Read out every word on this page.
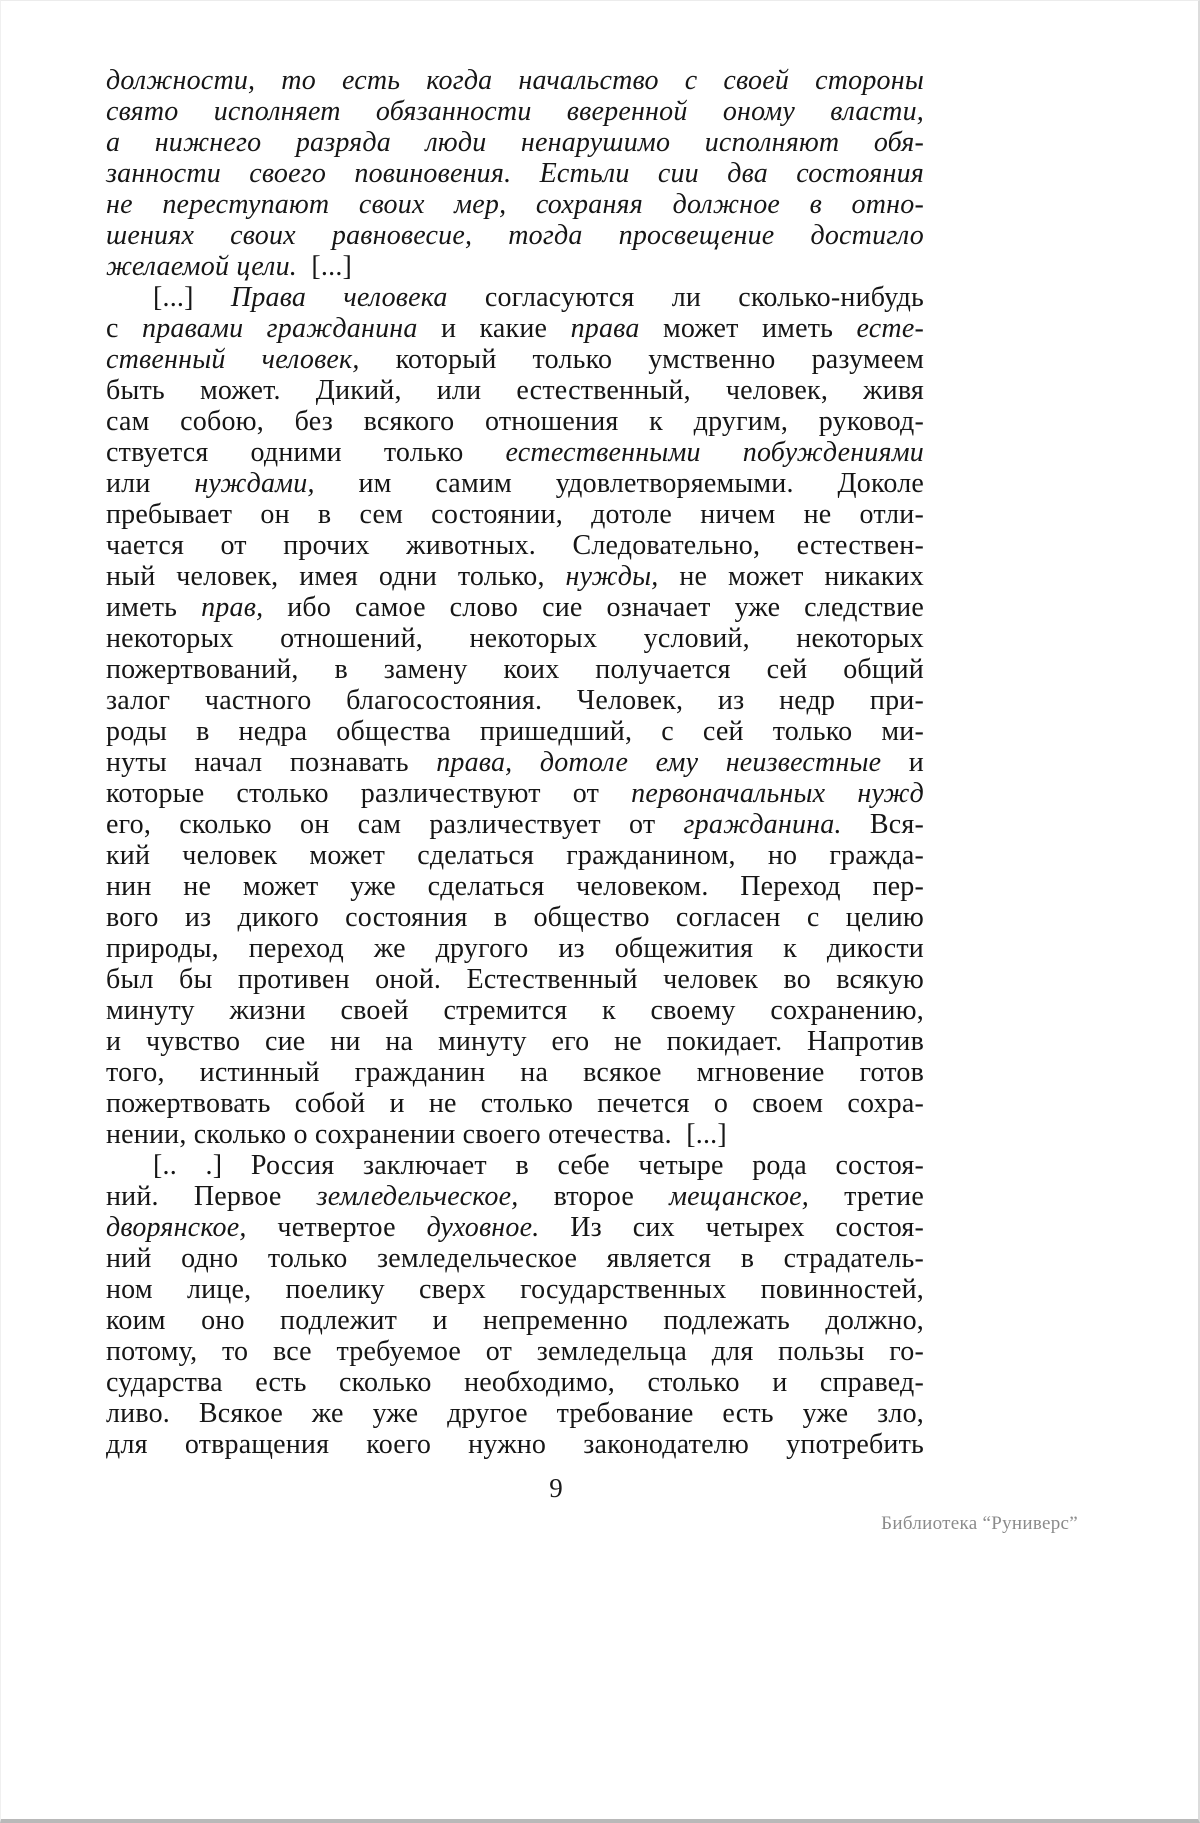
должности, то есть когда начальство с своей стороны
свято исполняет обязанности вверенной оному власти,
а нижнего разряда люди ненарушимо исполняют обя-
занности своего повиновения. Естьли сии два состояния
не переступают своих мер, сохраняя должное в отно-
шениях своих равновесие, тогда просвещение достигло
желаемой цели.  [...]
[...] Права человека согласуются ли сколько-нибудь
с правами гражданина и какие права может иметь есте-
ственный человек, который только умственно разумеем
быть может. Дикий, или естественный, человек, живя
сам собою, без всякого отношения к другим, руковод-
ствуется одними только естественными побуждениями
или нуждами, им самим удовлетворяемыми. Доколе
пребывает он в сем состоянии, дотоле ничем не отли-
чается от прочих животных. Следовательно, естествен-
ный человек, имея одни только, нужды, не может никаких
иметь прав, ибо самое слово сие означает уже следствие
некоторых отношений, некоторых условий, некоторых
пожертвований, в замену коих получается сей общий
залог частного благосостояния. Человек, из недр при-
роды в недра общества пришедший, с сей только ми-
нуты начал познавать права, дотоле ему неизвестные и
которые столько различествуют от первоначальных нужд
его, сколько он сам различествует от гражданина. Вся-
кий человек может сделаться гражданином, но гражда-
нин не может уже сделаться человеком. Переход пер-
вого из дикого состояния в общество согласен с целию
природы, переход же другого из общежития к дикости
был бы противен оной. Естественный человек во всякую
минуту жизни своей стремится к своему сохранению,
и чувство сие ни на минуту его не покидает. Напротив
того, истинный гражданин на всякое мгновение готов
пожертвовать собой и не столько печется о своем сохра-
нении, сколько о сохранении своего отечества.  [...]
[.. .] Россия заключает в себе четыре рода состоя-
ний. Первое земледельческое, второе мещанское, третие
дворянское, четвертое духовное. Из сих четырех состоя-
ний одно только земледельческое является в страдатель-
ном лице, поелику сверх государственных повинностей,
коим оно подлежит и непременно подлежать должно,
потому, то все требуемое от земледельца для пользы го-
сударства есть сколько необходимо, столько и справед-
ливо. Всякое же уже другое требование есть уже зло,
для отвращения коего нужно законодателю употребить
9
Библиотека “Руниверс”
